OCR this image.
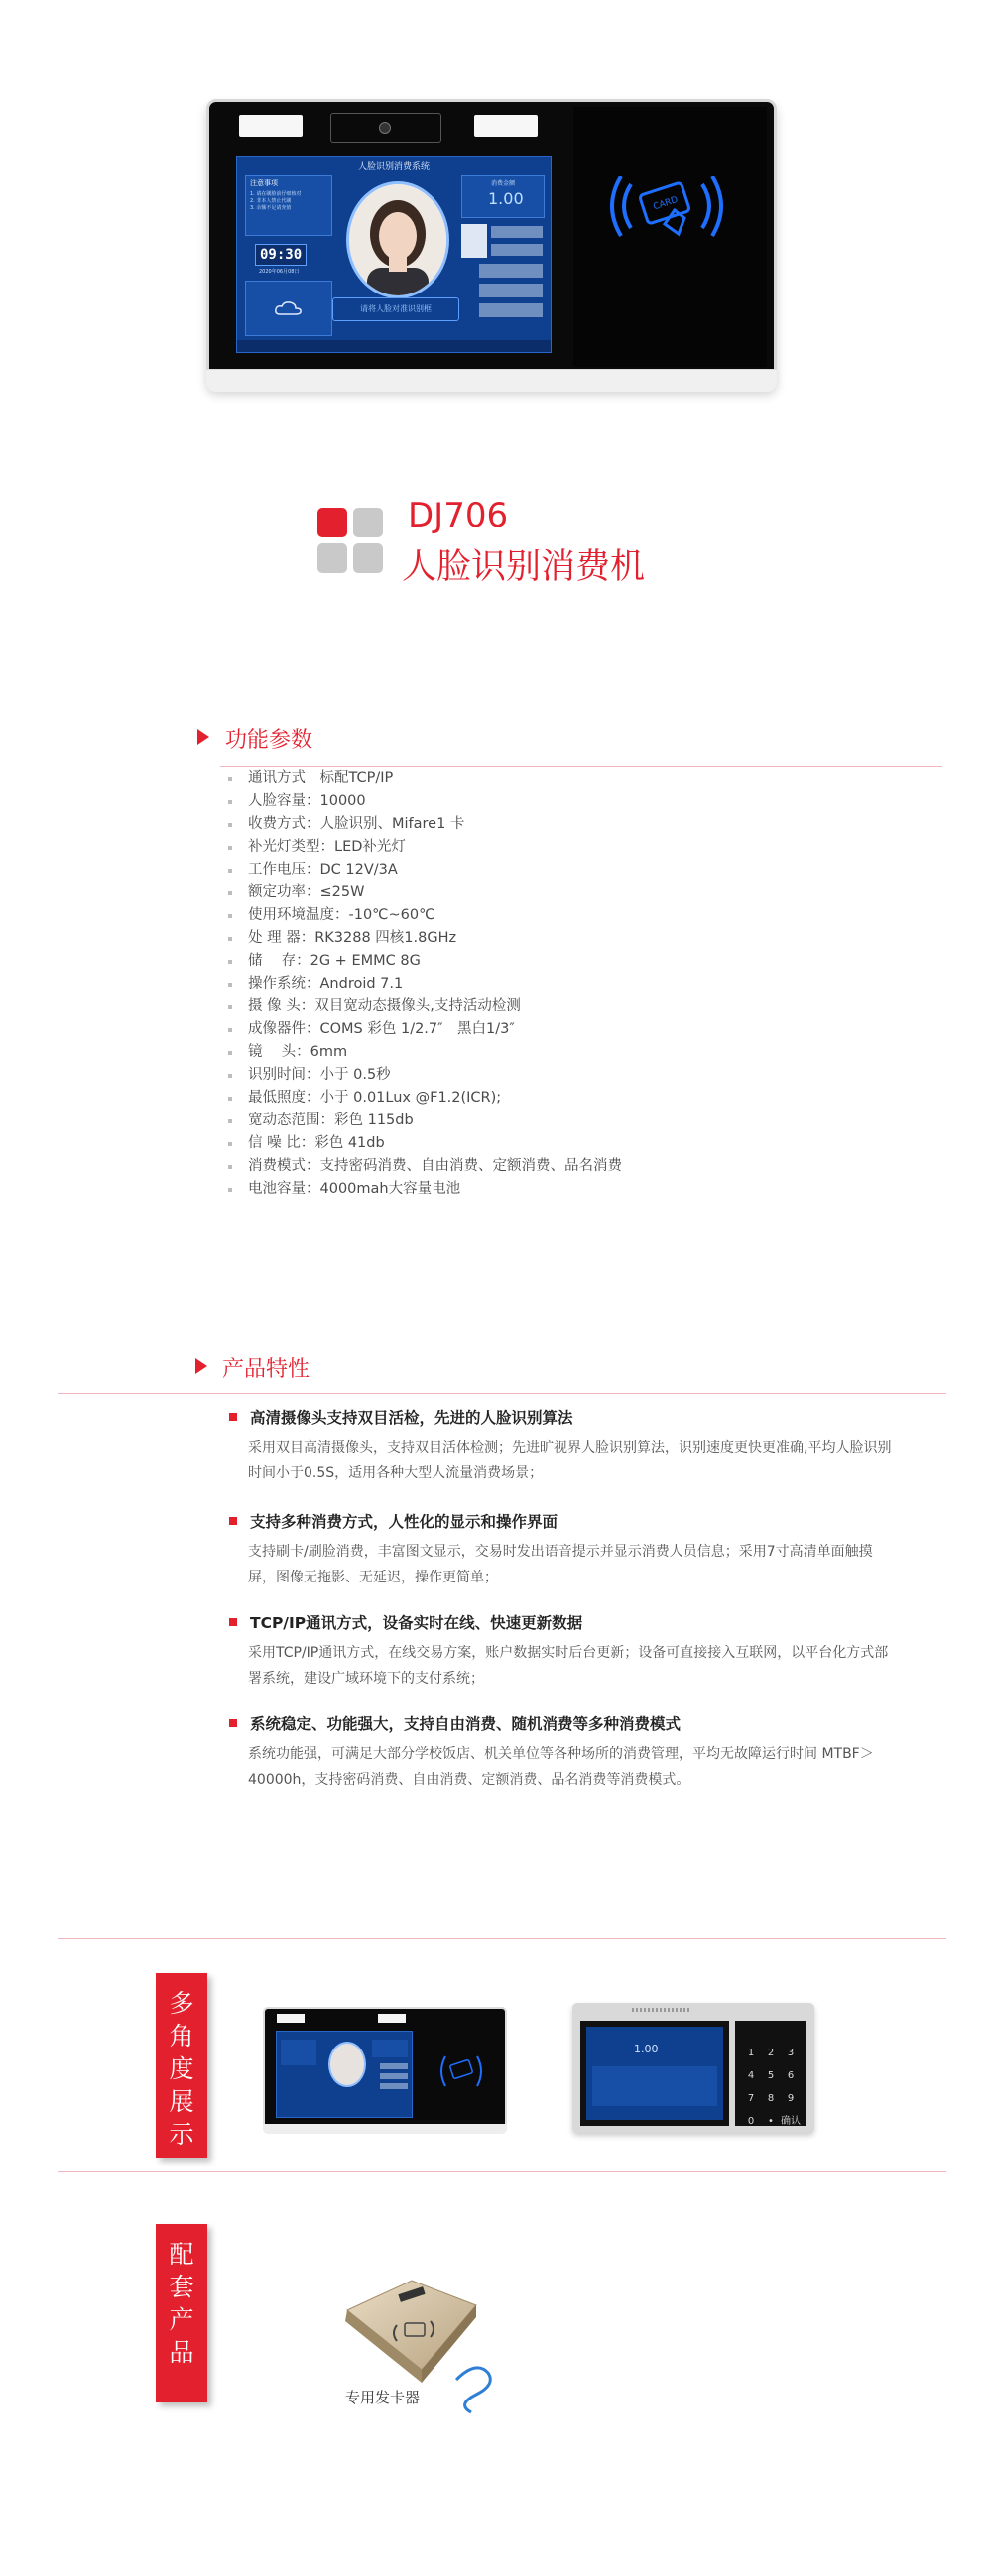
人脸识别消费系统
注意事项
1. 请在刷脸前仔细核对
2. 非本人禁止代刷
3. 余额不足请充值
09:30
2020年06月08日
请将人脸对准识别框
消费金额
1.00	CARD
DJ706
人脸识别消费机
功能参数
通讯方式　标配TCP/IP
人脸容量：10000
收费方式：人脸识别、Mifare1 卡
补光灯类型：LED补光灯
工作电压：DC 12V/3A
额定功率：≤25W
使用环境温度：-10℃~60℃
处 理 器：RK3288 四核1.8GHz
储　 存：2G + EMMC 8G
操作系统：Android 7.1
摄 像 头：双目宽动态摄像头,支持活动检测
成像器件：COMS 彩色 1/2.7″　黑白1/3″
镜　 头：6mm
识别时间：小于 0.5秒
最低照度：小于 0.01Lux @F1.2(ICR);
宽动态范围：彩色 115db
信 噪 比：彩色 41db
消费模式：支持密码消费、自由消费、定额消费、品名消费
电池容量：4000mah大容量电池
产品特性
高清摄像头支持双目活检，先进的人脸识别算法
采用双目高清摄像头，支持双目活体检测；先进旷视界人脸识别算法，识别速度更快更准确,平均人脸识别时间小于0.5S，适用各种大型人流量消费场景；
支持多种消费方式，人性化的显示和操作界面
支持刷卡/刷脸消费，丰富图文显示，交易时发出语音提示并显示消费人员信息；采用7寸高清单面触摸屏，图像无拖影、无延迟，操作更简单；
TCP/IP通讯方式，设备实时在线、快速更新数据
采用TCP/IP通讯方式，在线交易方案，账户数据实时后台更新；设备可直接接入互联网，以平台化方式部署系统，建设广域环境下的支付系统；
系统稳定、功能强大，支持自由消费、随机消费等多种消费模式
系统功能强，可满足大部分学校饭店、机关单位等各种场所的消费管理，平均无故障运行时间 MTBF＞40000h，支持密码消费、自由消费、定额消费、品名消费等消费模式。
多
角
度
展
示
1.00	1 2 34 5 67 8 90 • 确认
配
套
产
品
专用发卡器
